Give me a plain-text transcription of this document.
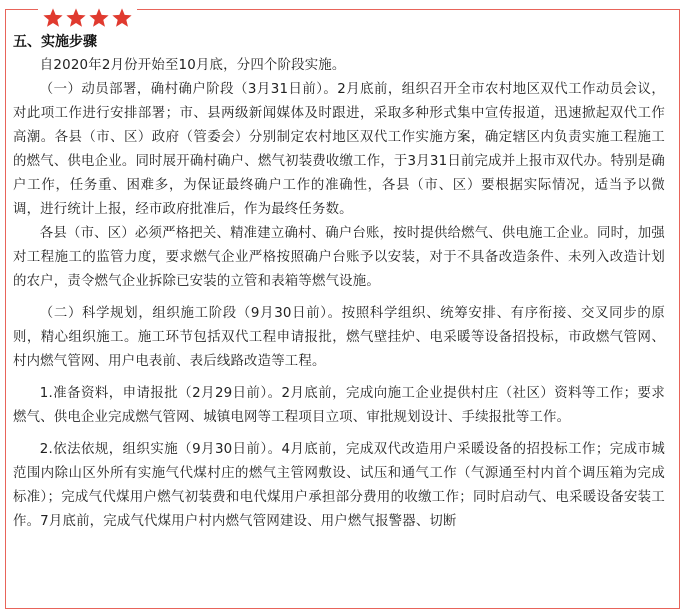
五、实施步骤

自2020年2月份开始至10月底，分四个阶段实施。

（一）动员部署，确村确户阶段（3月31日前）。2月底前，组织召开全市农村地区双代工作动员会议，对此项工作进行安排部署；市、县两级新闻媒体及时跟进，采取多种形式集中宣传报道，迅速掀起双代工作高潮。各县（市、区）政府（管委会）分别制定农村地区双代工作实施方案，确定辖区内负责实施工程施工的燃气、供电企业。同时展开确村确户、燃气初装费收缴工作，于3月31日前完成并上报市双代办。特别是确户工作，任务重、困难多，为保证最终确户工作的准确性，各县（市、区）要根据实际情况，适当予以微调，进行统计上报，经市政府批准后，作为最终任务数。

各县（市、区）必须严格把关、精准建立确村、确户台账，按时提供给燃气、供电施工企业。同时，加强对工程施工的监管力度，要求燃气企业严格按照确户台账予以安装，对于不具备改造条件、未列入改造计划的农户，责令燃气企业拆除已安装的立管和表箱等燃气设施。

（二）科学规划，组织施工阶段（9月30日前）。按照科学组织、统筹安排、有序衔接、交叉同步的原则，精心组织施工。施工环节包括双代工程申请报批，燃气壁挂炉、电采暖等设备招投标，市政燃气管网、村内燃气管网、用户电表前、表后线路改造等工程。

1.准备资料，申请报批（2月29日前）。2月底前，完成向施工企业提供村庄（社区）资料等工作；要求燃气、供电企业完成燃气管网、城镇电网等工程项目立项、审批规划设计、手续报批等工作。

2.依法依规，组织实施（9月30日前）。4月底前，完成双代改造用户采暖设备的招投标工作；完成市城范围内除山区外所有实施气代煤村庄的燃气主管网敷设、试压和通气工作（气源通至村内首个调压箱为完成标准）；完成气代煤用户燃气初装费和电代煤用户承担部分费用的收缴工作；同时启动气、电采暖设备安装工作。7月底前，完成气代煤用户村内燃气管网建设、用户燃气报警器、切断
